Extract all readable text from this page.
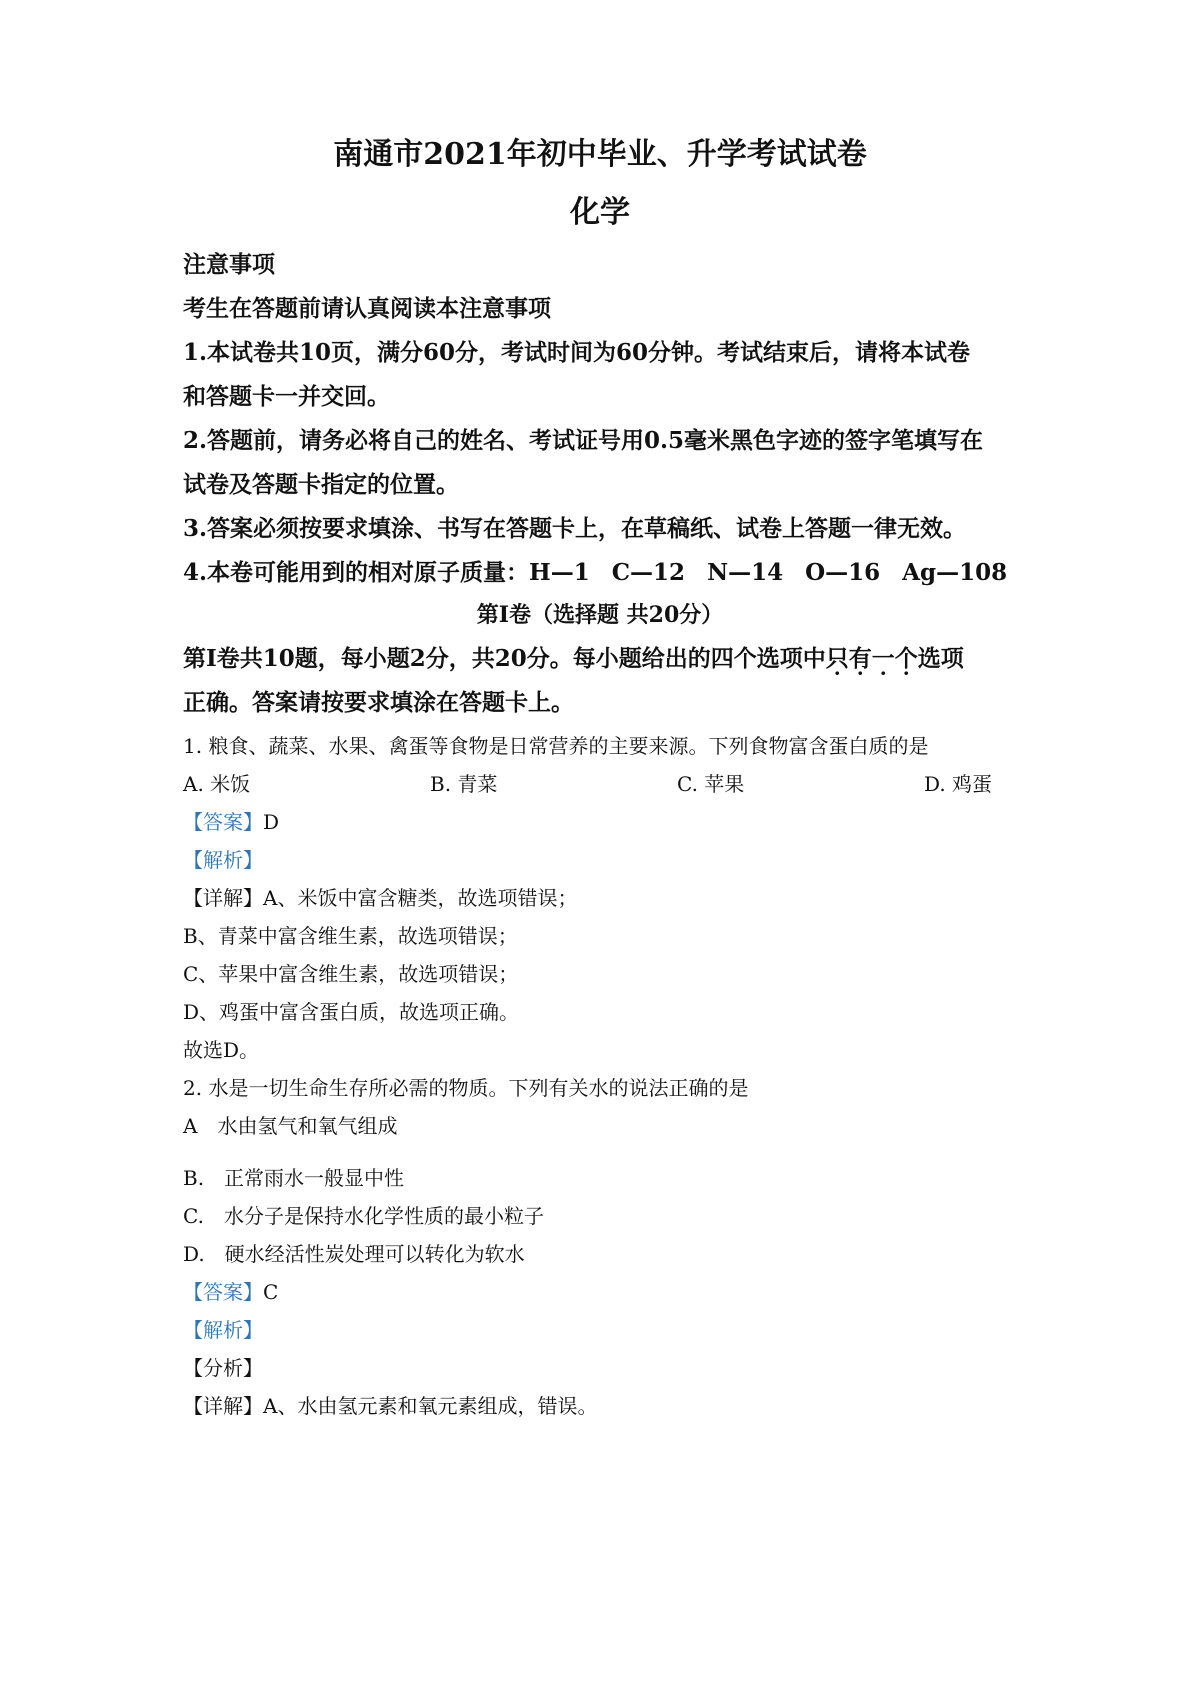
南通市2021年初中毕业、升学考试试卷
化学
注意事项
考生在答题前请认真阅读本注意事项
1.本试卷共10页，满分60分，考试时间为60分钟。考试结束后，请将本试卷
和答题卡一并交回。
2.答题前，请务必将自己的姓名、考试证号用0.5毫米黑色字迹的签字笔填写在
试卷及答题卡指定的位置。
3.答案必须按要求填涂、书写在答题卡上，在草稿纸、试卷上答题一律无效。
4.本卷可能用到的相对原子质量：H—1 C—12 N—14 O—16 Ag—108
第Ⅰ卷（选择题 共20分）
第Ⅰ卷共10题，每小题2分，共20分。每小题给出的四个选项中只有一个选项
正确。答案请按要求填涂在答题卡上。
1. 粮食、蔬菜、水果、禽蛋等食物是日常营养的主要来源。下列食物富含蛋白质的是
A. 米饭	B. 青菜	C. 苹果	D. 鸡蛋
【答案】D
【解析】
【详解】A、米饭中富含糖类，故选项错误；
B、青菜中富含维生素，故选项错误；
C、苹果中富含维生素，故选项错误；
D、鸡蛋中富含蛋白质，故选项正确。
故选D。
2. 水是一切生命生存所必需的物质。下列有关水的说法正确的是
A　水由氢气和氧气组成
B.　正常雨水一般显中性
C.　水分子是保持水化学性质的最小粒子
D.　硬水经活性炭处理可以转化为软水
【答案】C
【解析】
【分析】
【详解】A、水由氢元素和氧元素组成，错误。
